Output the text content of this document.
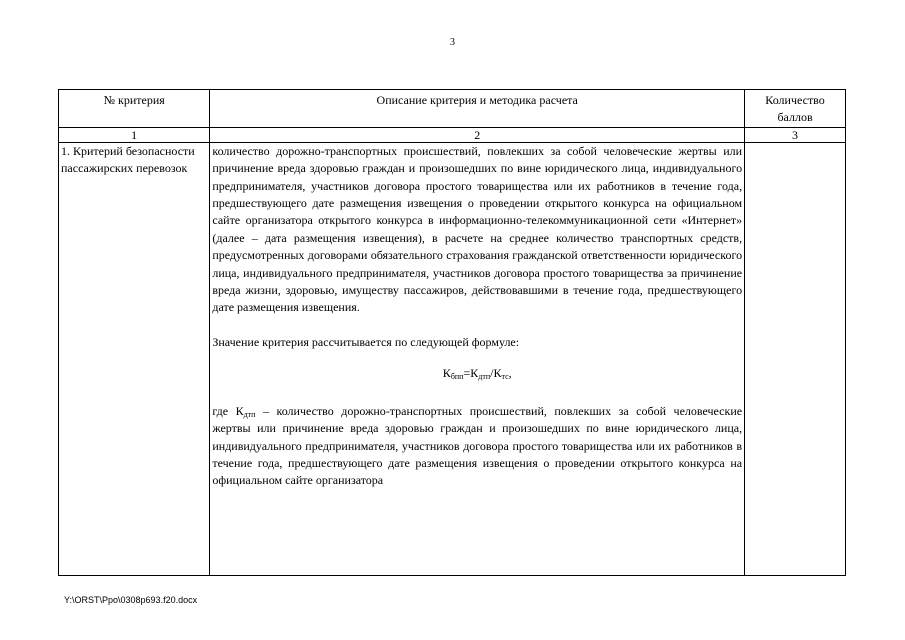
3
№ критерия	Описание критерия и методика расчета	Количество баллов
1	2	3
1. Критерий безопасности пассажирских перевозок	количество дорожно-транспортных происшествий, повлекших за собой человеческие жертвы или причинение вреда здоровью граждан и произошедших по вине юридического лица, индивидуального предпринимателя, участников договора простого товарищества или их работников в течение года, предшествующего дате размещения извещения о проведении открытого конкурса на официальном сайте организатора открытого конкурса в информационно-телекоммуникационной сети «Интернет» (далее – дата размещения извещения), в расчете на среднее количество транспортных средств, предусмотренных договорами обязательного страхования гражданской ответственности юридического лица, индивидуального предпринимателя, участников договора простого товарищества за причинение вреда жизни, здоровью, имуществу пассажиров, действовавшими в течение года, предшествующего дате размещения извещения.

Значение критерия рассчитывается по следующей формуле:

$К_{бпп}=К_{дтп}/К_{тс}$,

где $К_{дтп}$ – количество дорожно-транспортных происшествий, повлекших за собой человеческие жертвы или причинение вреда здоровью граждан и произошедших по вине юридического лица, индивидуального предпринимателя, участников договора простого товарищества или их работников в течение года, предшествующего дате размещения извещения о проведении открытого конкурса на официальном сайте организатора	

Y:\ORST\Ppo\0308p693.f20.docx
